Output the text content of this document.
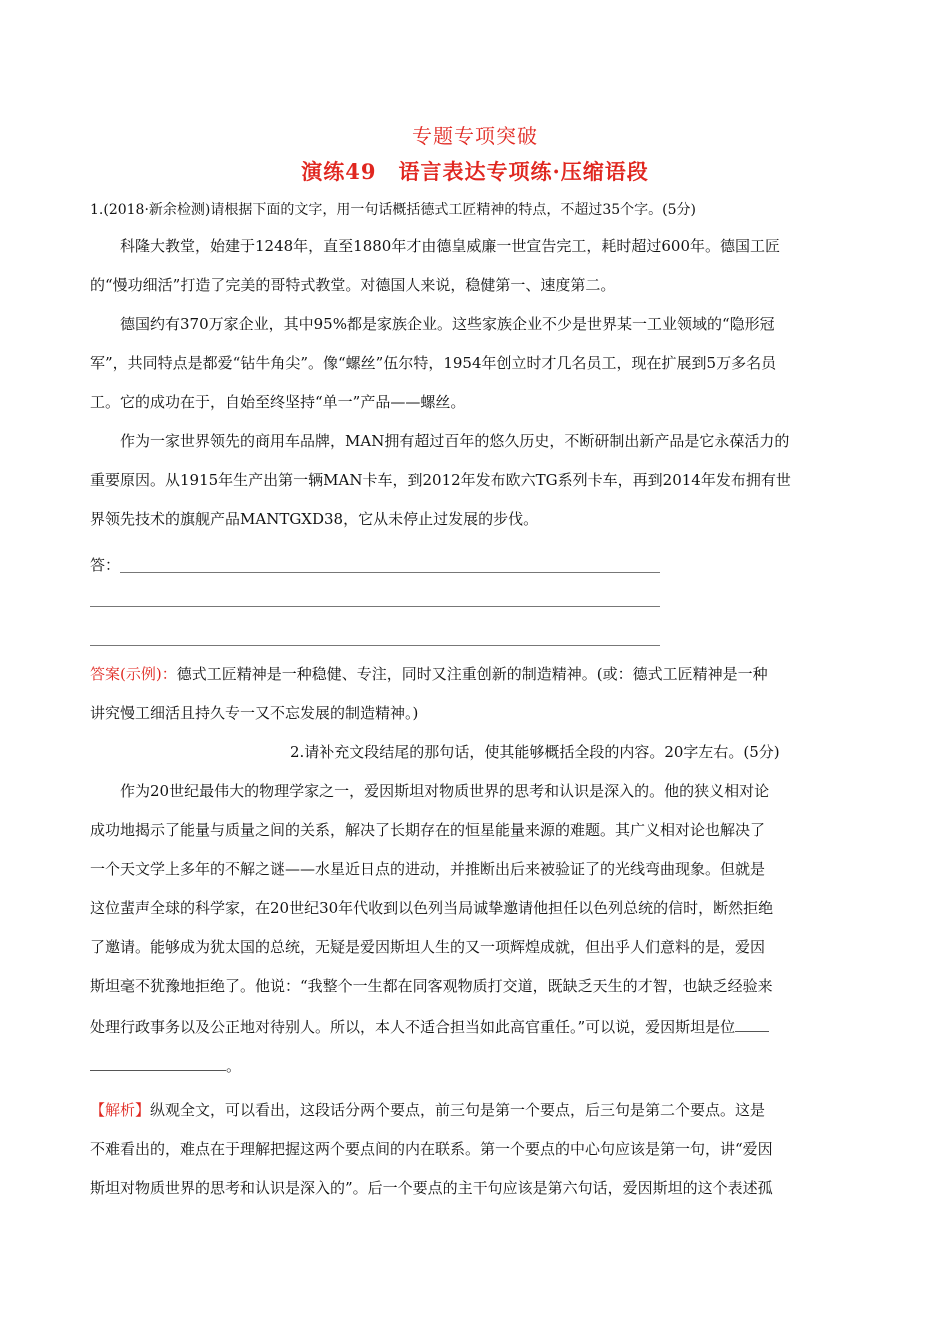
专题专项突破
演练49　语言表达专项练·压缩语段
1.(2018·新余检测)请根据下面的文字，用一句话概括德式工匠精神的特点，不超过35个字。(5分)
科隆大教堂，始建于1248年，直至1880年才由德皇威廉一世宣告完工，耗时超过600年。德国工匠
的“慢功细活”打造了完美的哥特式教堂。对德国人来说，稳健第一、速度第二。
德国约有370万家企业，其中95%都是家族企业。这些家族企业不少是世界某一工业领域的“隐形冠
军”，共同特点是都爱“钻牛角尖”。像“螺丝”伍尔特，1954年创立时才几名员工，现在扩展到5万多名员
工。它的成功在于，自始至终坚持“单一”产品——螺丝。
作为一家世界领先的商用车品牌，MAN拥有超过百年的悠久历史，不断研制出新产品是它永葆活力的
重要原因。从1915年生产出第一辆MAN卡车，到2012年发布欧六TG系列卡车，再到2014年发布拥有世
界领先技术的旗舰产品MANTGXD38，它从未停止过发展的步伐。
答：
答案(示例)：德式工匠精神是一种稳健、专注，同时又注重创新的制造精神。(或：德式工匠精神是一种
讲究慢工细活且持久专一又不忘发展的制造精神。)
2.请补充文段结尾的那句话，使其能够概括全段的内容。20字左右。(5分)
作为20世纪最伟大的物理学家之一，爱因斯坦对物质世界的思考和认识是深入的。他的狭义相对论
成功地揭示了能量与质量之间的关系，解决了长期存在的恒星能量来源的难题。其广义相对论也解决了
一个天文学上多年的不解之谜——水星近日点的进动，并推断出后来被验证了的光线弯曲现象。但就是
这位蜚声全球的科学家，在20世纪30年代收到以色列当局诚挚邀请他担任以色列总统的信时，断然拒绝
了邀请。能够成为犹太国的总统，无疑是爱因斯坦人生的又一项辉煌成就，但出乎人们意料的是，爱因
斯坦毫不犹豫地拒绝了。他说：“我整个一生都在同客观物质打交道，既缺乏天生的才智，也缺乏经验来
处理行政事务以及公正地对待别人。所以，本人不适合担当如此高官重任。”可以说，爱因斯坦是位
。
【解析】纵观全文，可以看出，这段话分两个要点，前三句是第一个要点，后三句是第二个要点。这是
不难看出的，难点在于理解把握这两个要点间的内在联系。第一个要点的中心句应该是第一句，讲“爱因
斯坦对物质世界的思考和认识是深入的”。后一个要点的主干句应该是第六句话，爱因斯坦的这个表述孤
